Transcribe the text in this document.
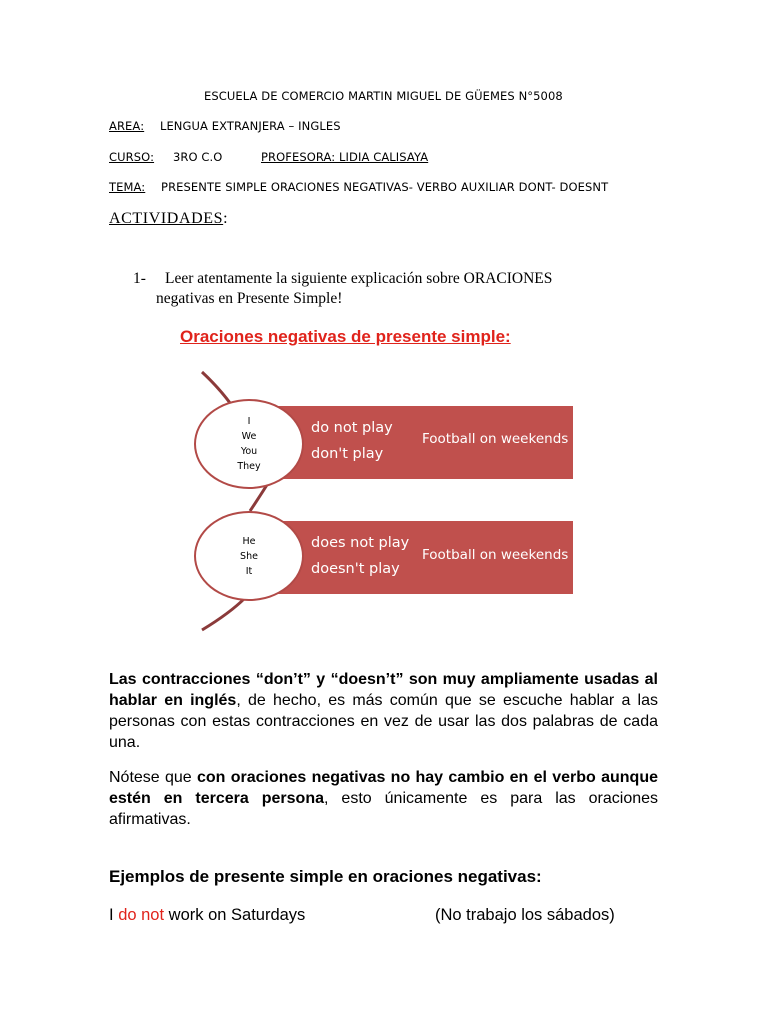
ESCUELA DE COMERCIO MARTIN MIGUEL DE GÜEMES N°5008
AREA: LENGUA EXTRANJERA – INGLES
CURSO: 3RO C.O	PROFESORA: LIDIA CALISAYA
TEMA: PRESENTE SIMPLE ORACIONES NEGATIVAS- VERBO AUXILIAR DONT- DOESNT
ACTIVIDADES:
1- Leer atentamente la siguiente explicación sobre ORACIONES
negativas en Presente Simple!
Oraciones negativas de presente simple:
do not play
don't play
Football on weekends
I
We
You
They
does not play
doesn't play
Football on weekends
He
She
It
Las contracciones “don’t” y “doesn’t” son muy ampliamente usadas al hablar en inglés, de hecho, es más común que se escuche hablar a las personas con estas contracciones en vez de usar las dos palabras de cada una.
Nótese que con oraciones negativas no hay cambio en el verbo aunque estén en tercera persona, esto únicamente es para las oraciones afirmativas.
Ejemplos de presente simple en oraciones negativas:
I do not work on Saturdays	(No trabajo los sábados)
